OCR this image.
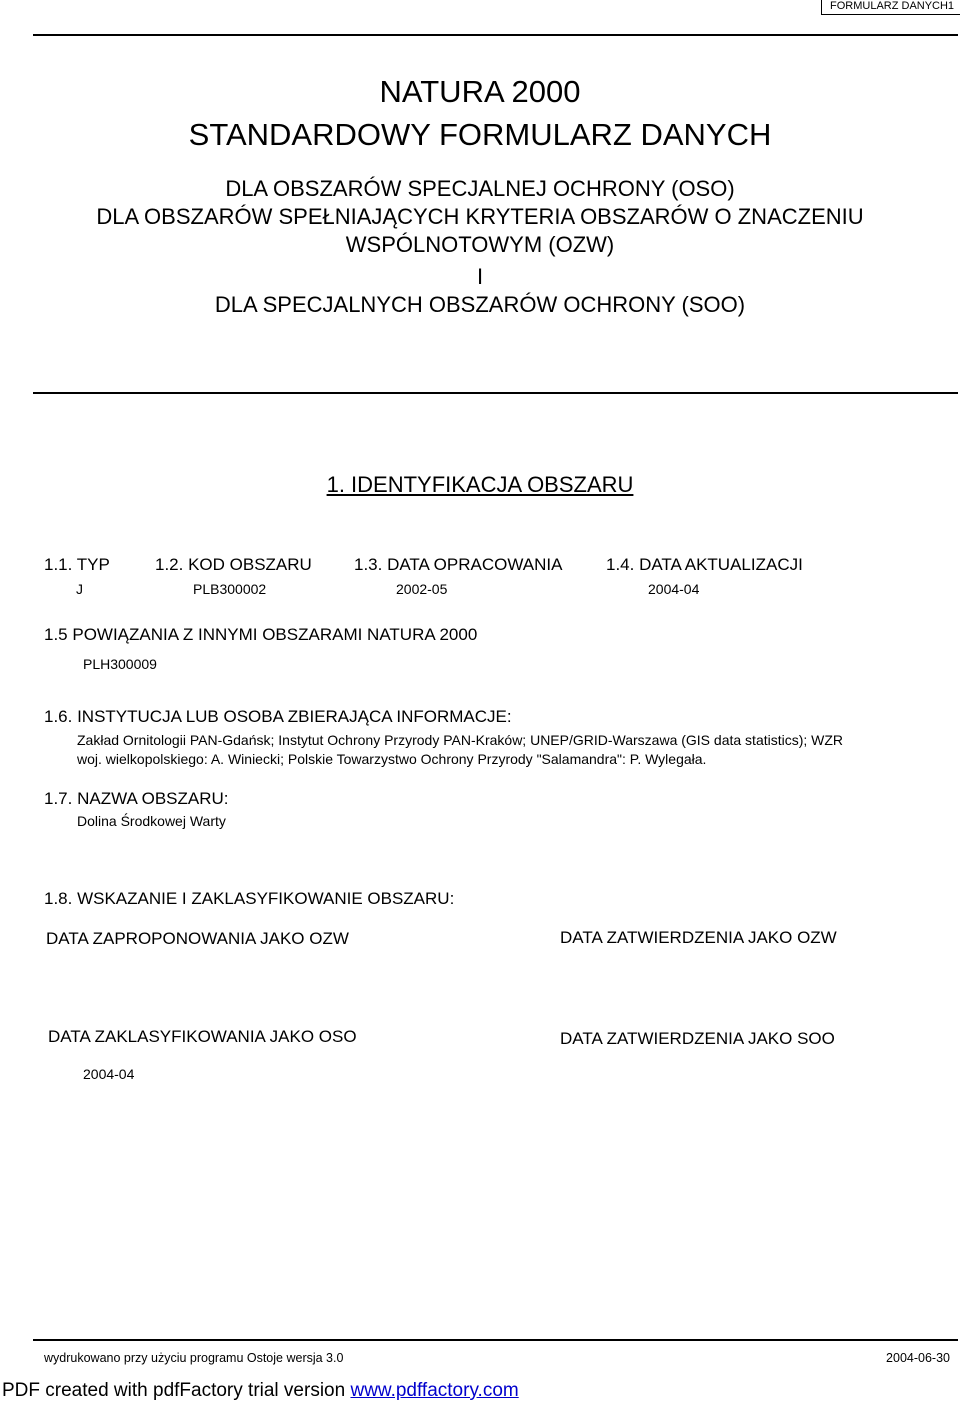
FORMULARZ DANYCH 1
NATURA 2000
STANDARDOWY FORMULARZ DANYCH
DLA OBSZARÓW SPECJALNEJ OCHRONY (OSO)
DLA OBSZARÓW SPEŁNIAJĄCYCH KRYTERIA OBSZARÓW O ZNACZENIU
WSPÓLNOTOWYM (OZW)
I
DLA SPECJALNYCH OBSZARÓW OCHRONY (SOO)
1. IDENTYFIKACJA OBSZARU
1.1. TYP	1.2. KOD OBSZARU 1.3. DATA OPRACOWANIA	1.4. DATA AKTUALIZACJI
J	PLB300002	2002-05	2004-04
1.5 POWIĄZANIA Z INNYMI OBSZARAMI NATURA 2000
PLH300009
1.6. INSTYTUCJA LUB OSOBA ZBIERAJĄCA INFORMACJE:
Zakład Ornitologii PAN-Gdańsk; Instytut Ochrony Przyrody PAN-Kraków; UNEP/GRID-Warszawa (GIS data statistics); WZR
woj. wielkopolskiego: A. Winiecki; Polskie Towarzystwo Ochrony Przyrody "Salamandra": P. Wylegała.
1.7. NAZWA OBSZARU:
Dolina Środkowej Warty
1.8. WSKAZANIE I ZAKLASYFIKOWANIE OBSZARU:
DATA ZAPROPONOWANIA JAKO OZW	DATA ZATWIERDZENIA JAKO OZW
DATA ZAKLASYFIKOWANIA JAKO OSO	DATA ZATWIERDZENIA JAKO SOO
2004-04
wydrukowano przy użyciu programu Ostoje wersja 3.0	2004-06-30
PDF created with pdfFactory trial version www.pdffactory.com
